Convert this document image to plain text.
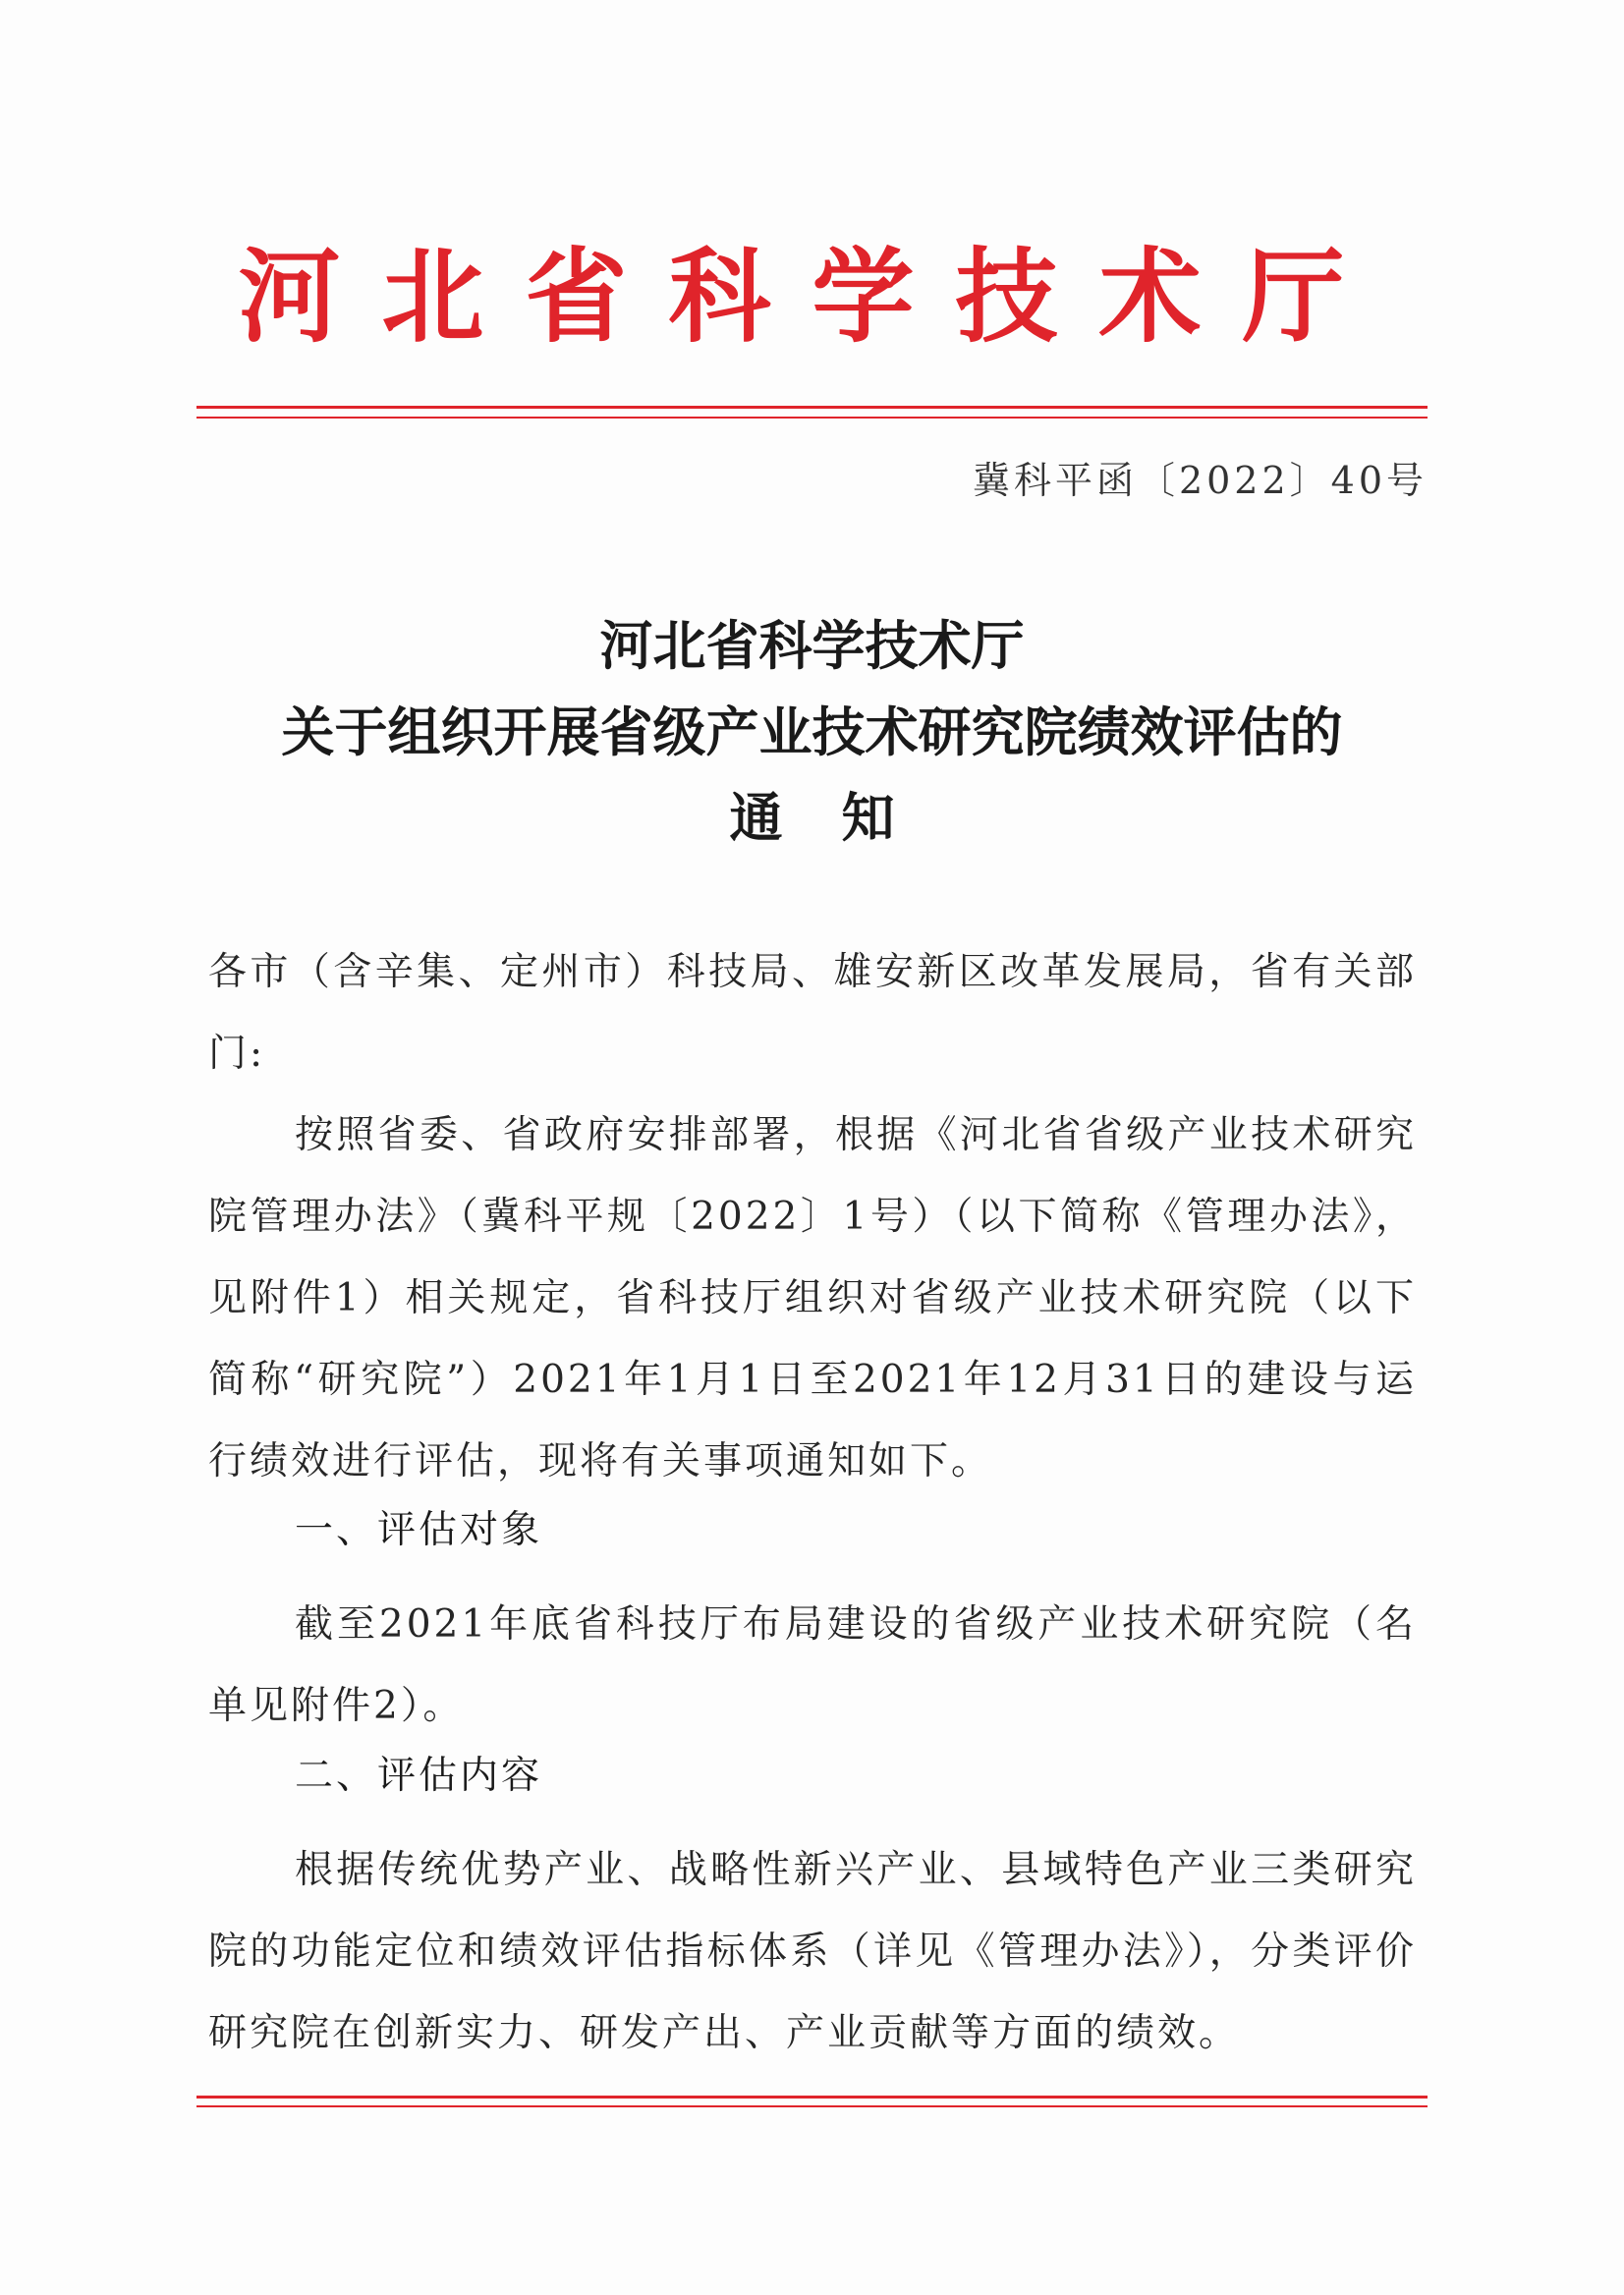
河北省科学技术厅
冀科平函〔2022〕40号
河北省科学技术厅
关于组织开展省级产业技术研究院绩效评估的
通知
各市（含辛集、定州市）科技局、雄安新区改革发展局，省有关部门:
按照省委、省政府安排部署，根据《河北省省级产业技术研究院管理办法》（冀科平规〔2022〕1号）（以下简称《管理办法》，见附件1）相关规定，省科技厅组织对省级产业技术研究院（以下简称“研究院”）2021年1月1日至2021年12月31日的建设与运行绩效进行评估，现将有关事项通知如下。
一、评估对象
截至2021年底省科技厅布局建设的省级产业技术研究院（名单见附件2）。
二、评估内容
根据传统优势产业、战略性新兴产业、县域特色产业三类研究院的功能定位和绩效评估指标体系（详见《管理办法》），分类评价研究院在创新实力、研发产出、产业贡献等方面的绩效。
